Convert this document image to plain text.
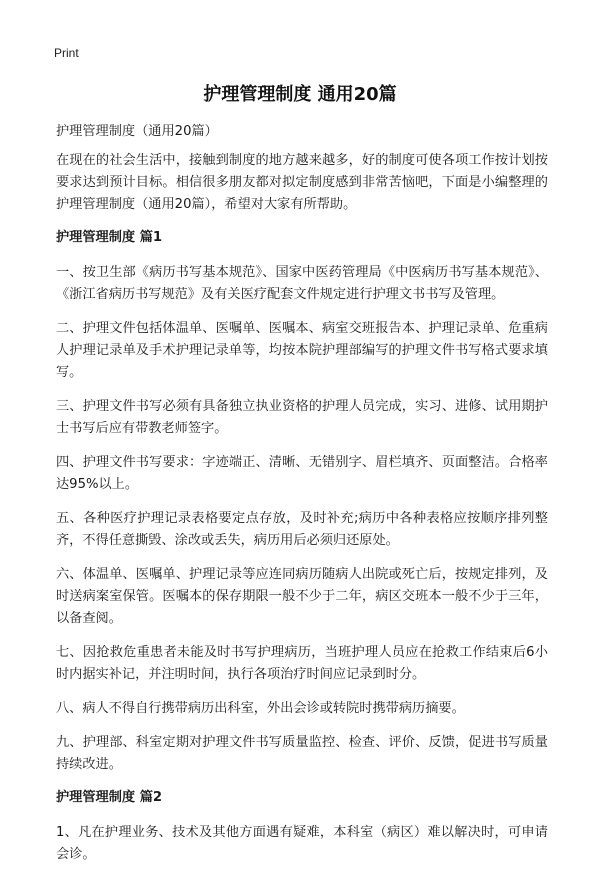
Print

护理管理制度 通用20篇

护理管理制度（通用20篇）

在现在的社会生活中，接触到制度的地方越来越多，好的制度可使各项工作按计划按要求达到预计目标。相信很多朋友都对拟定制度感到非常苦恼吧，下面是小编整理的护理管理制度（通用20篇），希望对大家有所帮助。

护理管理制度 篇1

一、按卫生部《病历书写基本规范》、国家中医药管理局《中医病历书写基本规范》、《浙江省病历书写规范》及有关医疗配套文件规定进行护理文书书写及管理。

二、护理文件包括体温单、医嘱单、医嘱本、病室交班报告本、护理记录单、危重病人护理记录单及手术护理记录单等，均按本院护理部编写的护理文件书写格式要求填写。

三、护理文件书写必须有具备独立执业资格的护理人员完成，实习、进修、试用期护士书写后应有带教老师签字。

四、护理文件书写要求：字迹端正、清晰、无错别字、眉栏填齐、页面整洁。合格率达95%以上。

五、各种医疗护理记录表格要定点存放，及时补充;病历中各种表格应按顺序排列整齐，不得任意撕毁、涂改或丢失，病历用后必须归还原处。

六、体温单、医嘱单、护理记录等应连同病历随病人出院或死亡后，按规定排列，及时送病案室保管。医嘱本的保存期限一般不少于二年，病区交班本一般不少于三年，以备查阅。

七、因抢救危重患者未能及时书写护理病历，当班护理人员应在抢救工作结束后6小时内据实补记，并注明时间，执行各项治疗时间应记录到时分。

八、病人不得自行携带病历出科室，外出会诊或转院时携带病历摘要。

九、护理部、科室定期对护理文件书写质量监控、检查、评价、反馈，促进书写质量持续改进。

护理管理制度 篇2

1、凡在护理业务、技术及其他方面遇有疑难，本科室（病区）难以解决时，可申请会诊。
